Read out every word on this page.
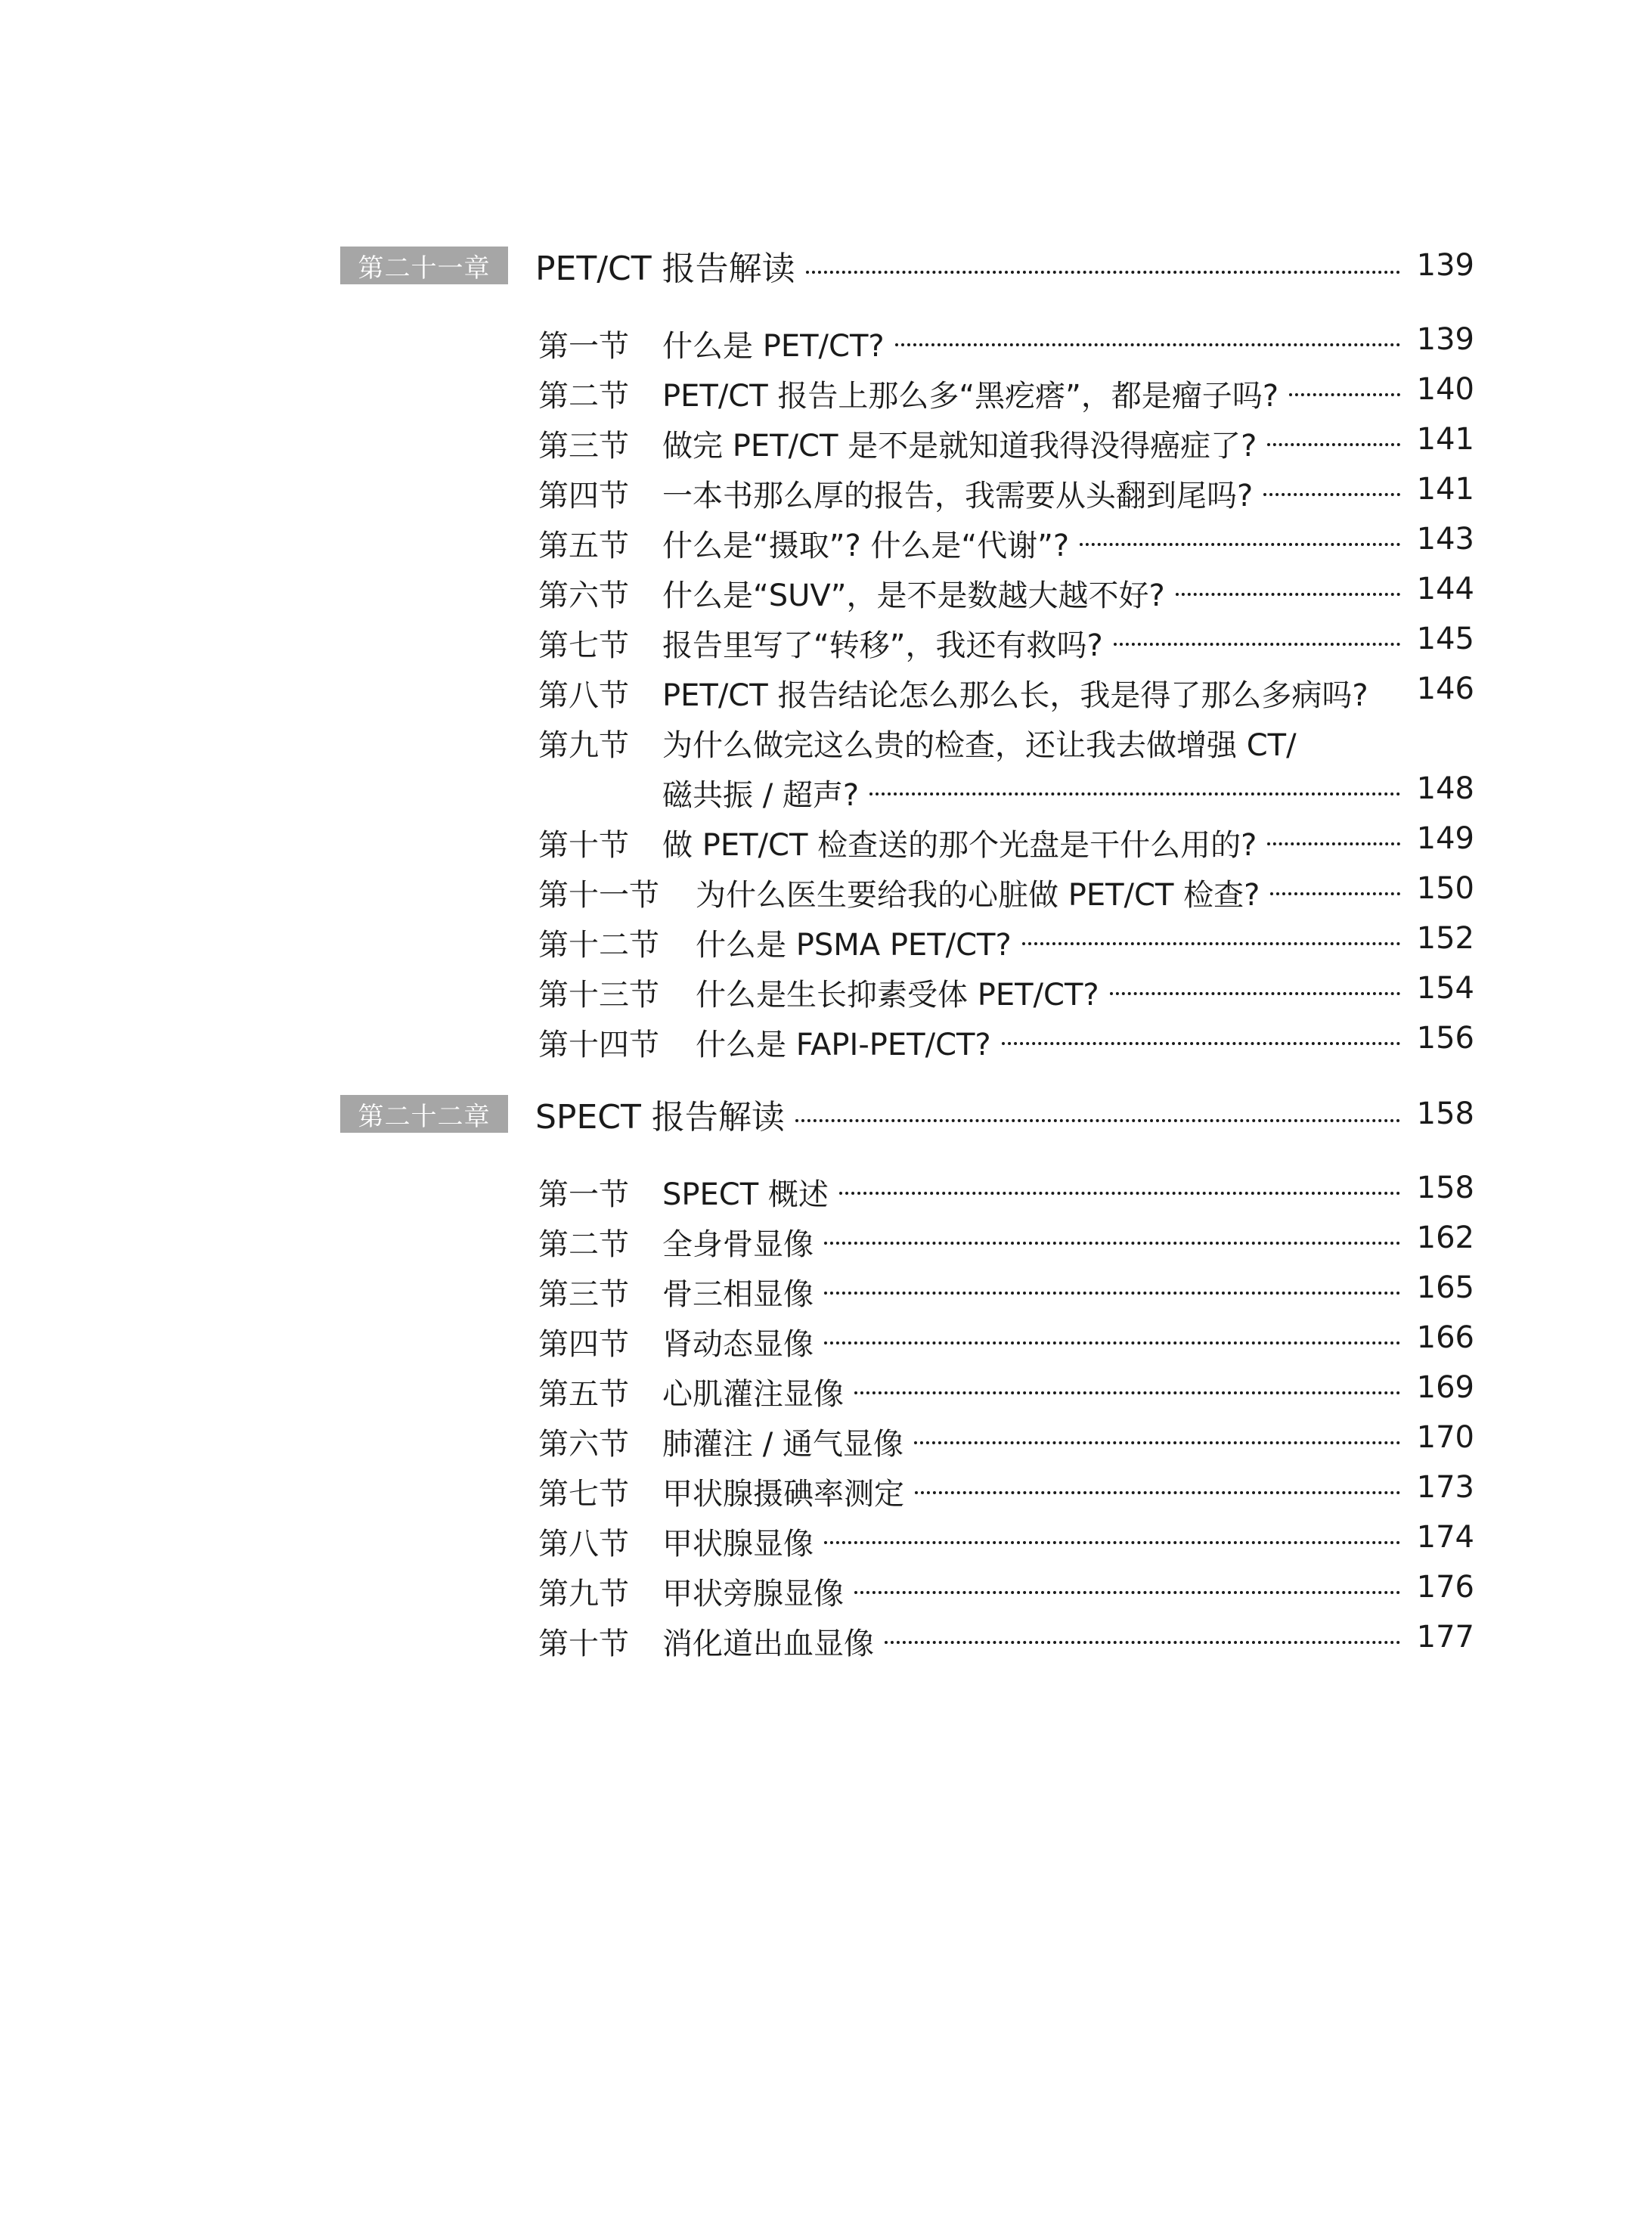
第二十一章	PET/CT 报告解读	139
第一节 什么是 PET/CT?	139
第二节 PET/CT 报告上那么多“黑疙瘩”，都是瘤子吗?	140
第三节 做完 PET/CT 是不是就知道我得没得癌症了?	141
第四节 一本书那么厚的报告，我需要从头翻到尾吗?	141
第五节 什么是“摄取”? 什么是“代谢”?	143
第六节 什么是“SUV”，是不是数越大越不好?	144
第七节 报告里写了“转移”，我还有救吗?	145
第八节 PET/CT 报告结论怎么那么长，我是得了那么多病吗? 146
第九节 为什么做完这么贵的检查，还让我去做增强 CT/
磁共振 / 超声?	148
第十节 做 PET/CT 检查送的那个光盘是干什么用的?	149
第十一节 为什么医生要给我的心脏做 PET/CT 检查?	150
第十二节 什么是 PSMA PET/CT?	152
第十三节 什么是生长抑素受体 PET/CT?	154
第十四节 什么是 FAPI-PET/CT?	156
第二十二章	SPECT 报告解读	158
第一节 SPECT 概述	158
第二节 全身骨显像	162
第三节 骨三相显像	165
第四节 肾动态显像	166
第五节 心肌灌注显像	169
第六节 肺灌注 / 通气显像	170
第七节 甲状腺摄碘率测定	173
第八节 甲状腺显像	174
第九节 甲状旁腺显像	176
第十节 消化道出血显像	177
